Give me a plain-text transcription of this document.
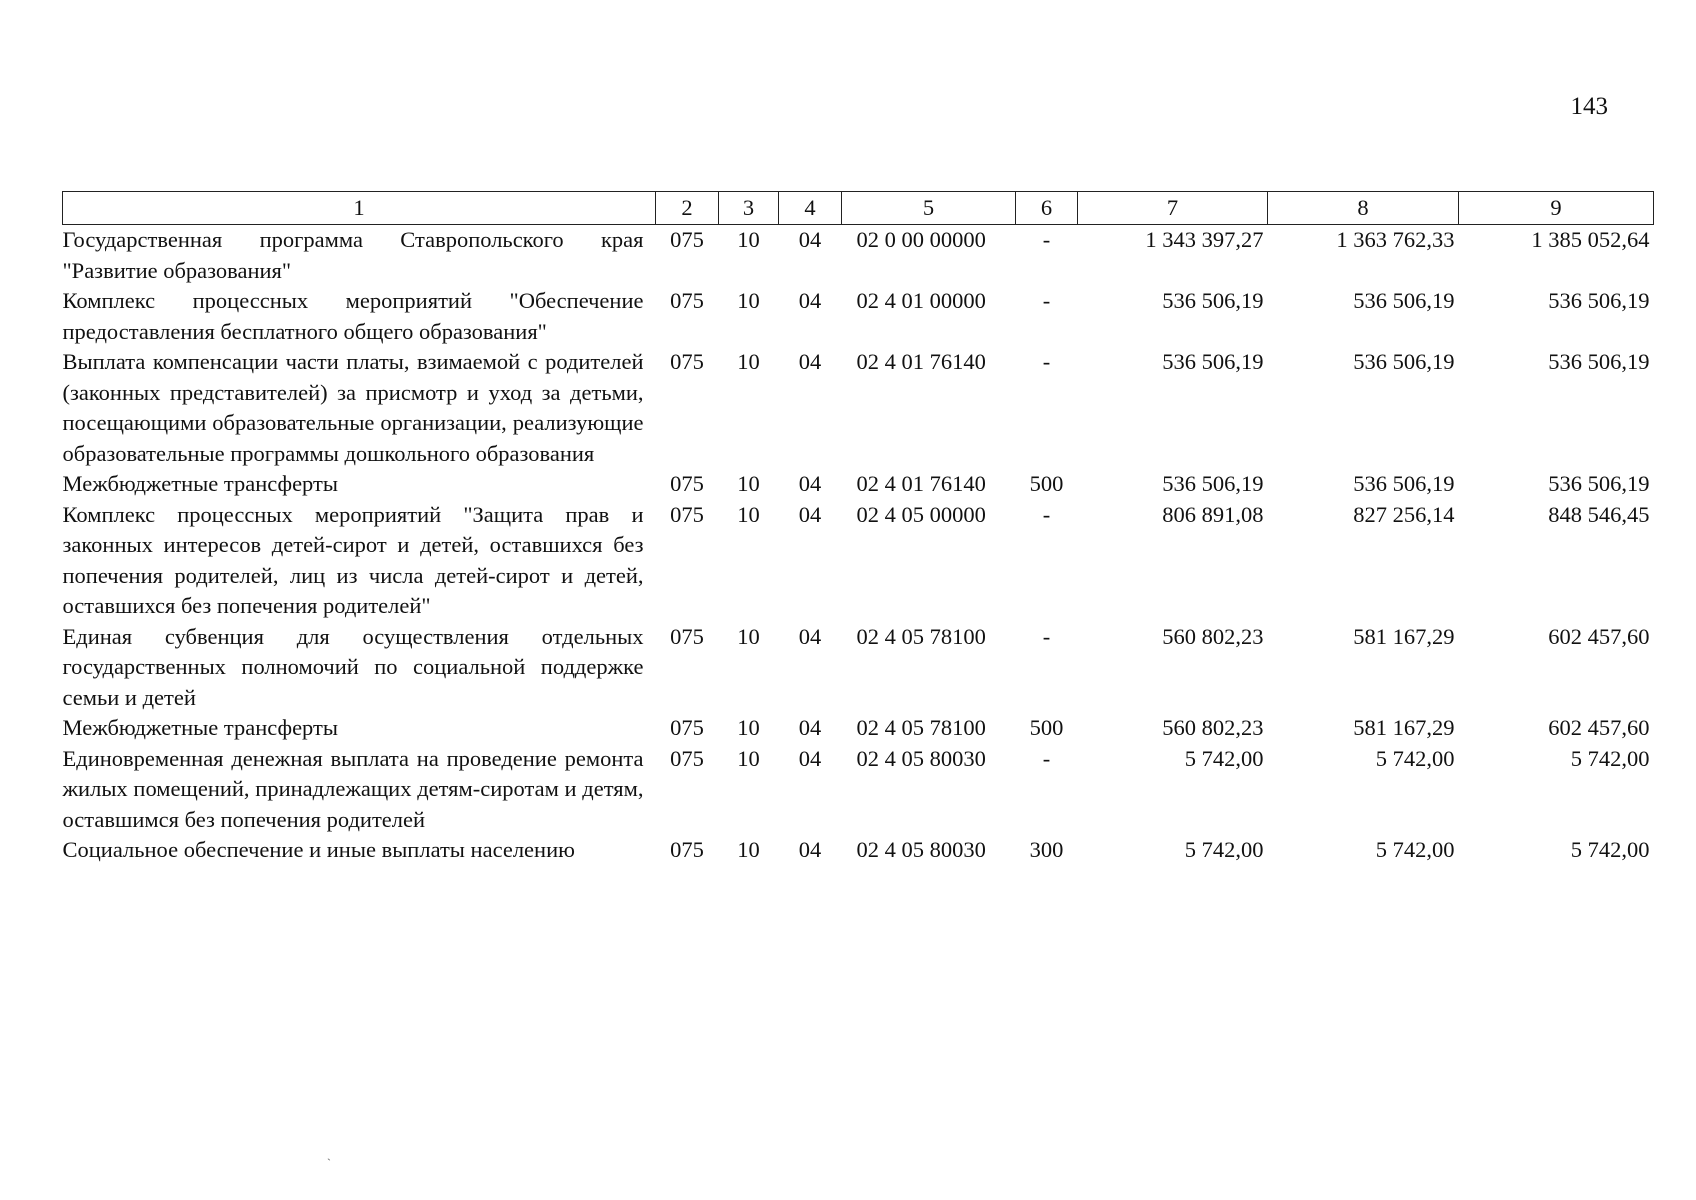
143
1	2	3	4	5	6	7	8	9
Государственная программа Ставропольского края "Развитие образования"	075	10	04	02 0 00 00000	-	1 343 397,27	1 363 762,33	1 385 052,64
Комплекс процессных мероприятий "Обеспечение предоставления бесплатного общего образования"	075	10	04	02 4 01 00000	-	536 506,19	536 506,19	536 506,19
Выплата компенсации части платы, взимаемой с родителей (законных представителей) за присмотр и уход за детьми, посещающими образовательные организации, реализующие образовательные программы дошкольного образования	075	10	04	02 4 01 76140	-	536 506,19	536 506,19	536 506,19
Межбюджетные трансферты	075	10	04	02 4 01 76140	500	536 506,19	536 506,19	536 506,19
Комплекс процессных мероприятий "Защита прав и законных интересов детей-сирот и детей, оставшихся без попечения родителей, лиц из числа детей-сирот и детей, оставшихся без попечения родителей"	075	10	04	02 4 05 00000	-	806 891,08	827 256,14	848 546,45
Единая субвенция для осуществления отдельных государственных полномочий по социальной поддержке семьи и детей	075	10	04	02 4 05 78100	-	560 802,23	581 167,29	602 457,60
Межбюджетные трансферты	075	10	04	02 4 05 78100	500	560 802,23	581 167,29	602 457,60
Единовременная денежная выплата на проведение ремонта жилых помещений, принадлежащих детям-сиротам и детям, оставшимся без попечения родителей	075	10	04	02 4 05 80030	-	5 742,00	5 742,00	5 742,00
Социальное обеспечение и иные выплаты населению	075	10	04	02 4 05 80030	300	5 742,00	5 742,00	5 742,00
`
